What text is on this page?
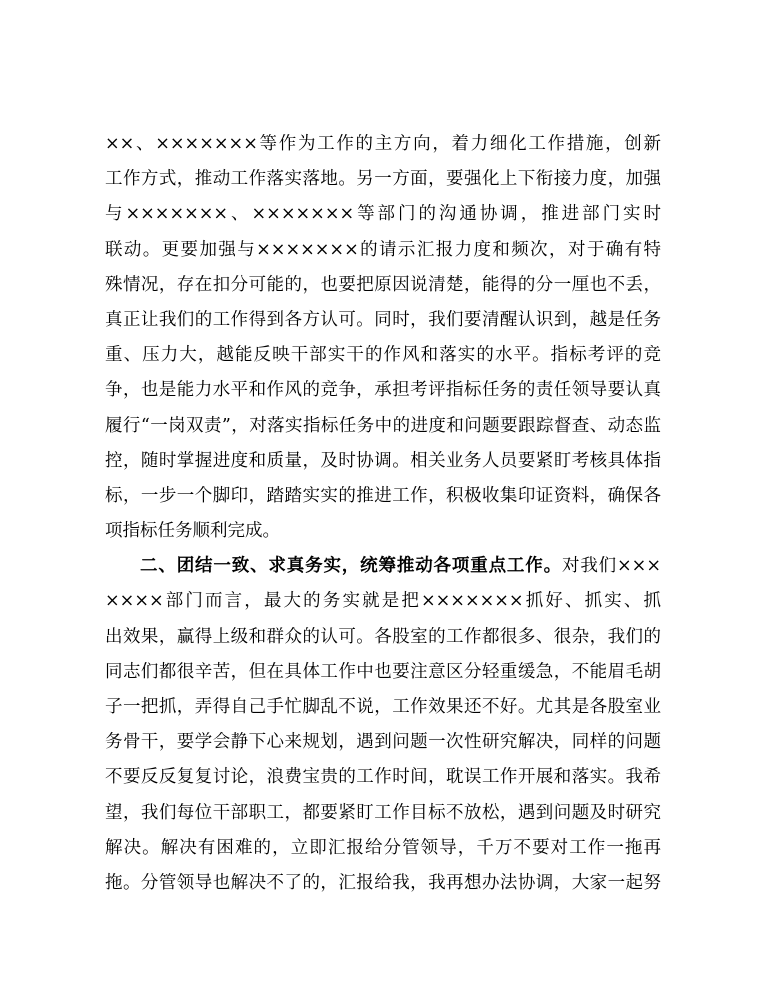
××、×××××××等作为工作的主方向，着力细化工作措施，创新
工作方式，推动工作落实落地。另一方面，要强化上下衔接力度，加强
与×××××××、×××××××等部门的沟通协调，推进部门实时
联动。更要加强与×××××××的请示汇报力度和频次，对于确有特
殊情况，存在扣分可能的，也要把原因说清楚，能得的分一厘也不丢，
真正让我们的工作得到各方认可。同时，我们要清醒认识到，越是任务
重、压力大，越能反映干部实干的作风和落实的水平。指标考评的竞
争，也是能力水平和作风的竞争，承担考评指标任务的责任领导要认真
履行“一岗双责”，对落实指标任务中的进度和问题要跟踪督查、动态监
控，随时掌握进度和质量，及时协调。相关业务人员要紧盯考核具体指
标，一步一个脚印，踏踏实实的推进工作，积极收集印证资料，确保各
项指标任务顺利完成。
二、团结一致、求真务实，统筹推动各项重点工作。对我们×××
××××部门而言，最大的务实就是把×××××××抓好、抓实、抓
出效果，赢得上级和群众的认可。各股室的工作都很多、很杂，我们的
同志们都很辛苦，但在具体工作中也要注意区分轻重缓急，不能眉毛胡
子一把抓，弄得自己手忙脚乱不说，工作效果还不好。尤其是各股室业
务骨干，要学会静下心来规划，遇到问题一次性研究解决，同样的问题
不要反反复复讨论，浪费宝贵的工作时间，耽误工作开展和落实。我希
望，我们每位干部职工，都要紧盯工作目标不放松，遇到问题及时研究
解决。解决有困难的，立即汇报给分管领导，千万不要对工作一拖再
拖。分管领导也解决不了的，汇报给我，我再想办法协调，大家一起努
